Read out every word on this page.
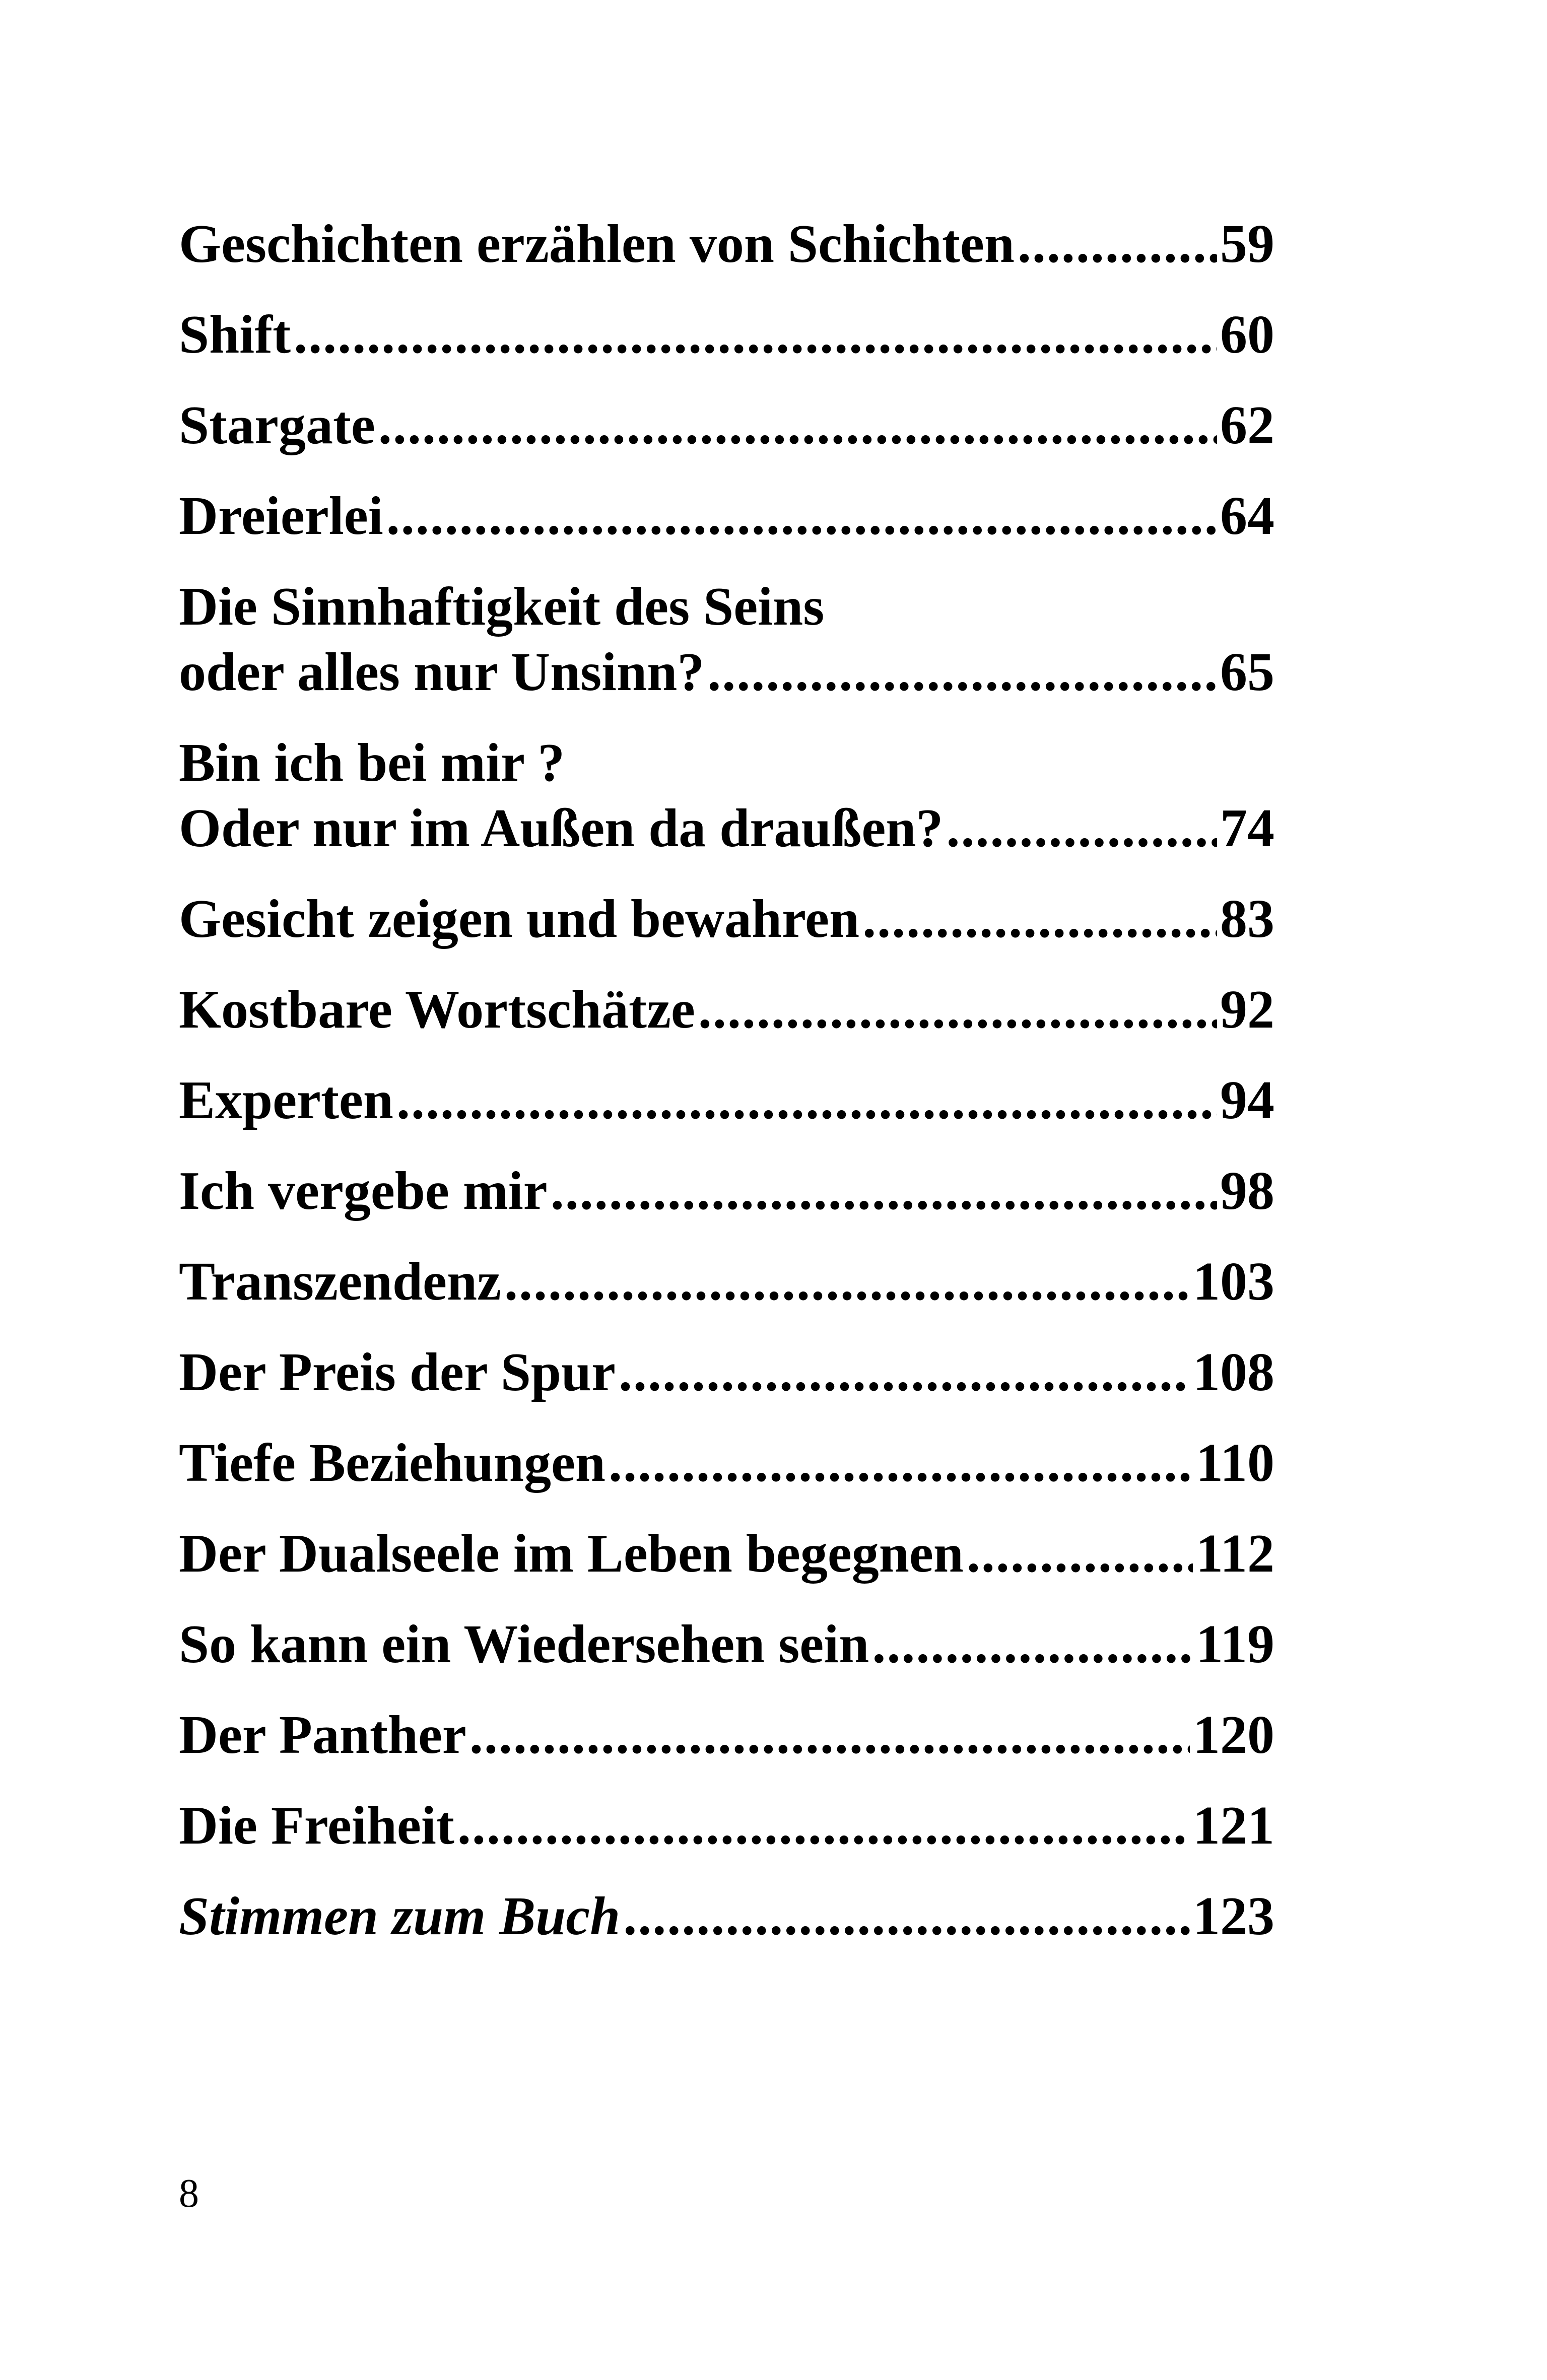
Geschichten erzählen von Schichten .....	59
Shift .....	60
Stargate .....	62
Dreierlei .....	64
Die Sinnhaftigkeit des Seins
oder alles nur Unsinn? .....	65
Bin ich bei mir ?
Oder nur im Außen da draußen? .....	74
Gesicht zeigen und bewahren .....	83
Kostbare Wortschätze .....	92
Experten .....	94
Ich vergebe mir .....	98
Transzendenz .....	103
Der Preis der Spur .....	108
Tiefe Beziehungen .....	110
Der Dualseele im Leben begegnen .....	112
So kann ein Wiedersehen sein .....	119
Der Panther .....	120
Die Freiheit .....	121
Stimmen zum Buch .....	123
8
